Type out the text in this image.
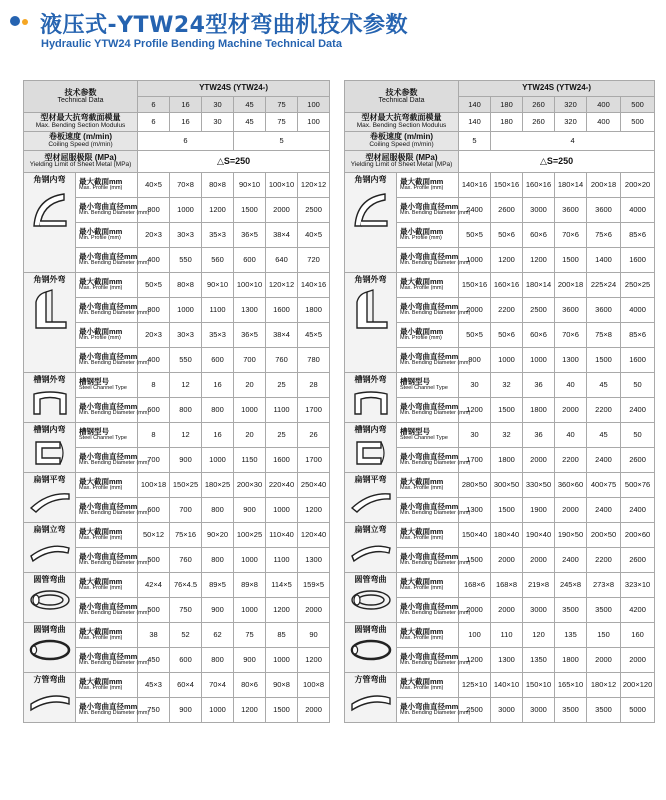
液压式-YTW24型材弯曲机技术参数
Hydraulic YTW24 Profile Bending Machine Technical Data
技术参数
Technical Data		YTW24S (YTW24-)					
		6	16	30	45	75	100

型材最大抗弯截面模量
Max. Bending Section Modulus		6	16	30	45	75	100

卷板速度 (m/min)
Coiling Speed (m/min)		6			5		

型材屈服极限 (MPa)
Yielding Limit of Sheet Metal (MPa)		△S=250					

角钢内弯	最大截面mm
Max. Profile (mm)	40×5	70×8	80×8	90×10	100×10	120×12

	最小弯曲直径mm
Min. Bending Diameter (mm)	800	1000	1200	1500	2000	2500

	最小截面mm
Min. Profile (mm)	20×3	30×3	35×3	36×5	38×4	40×5

	最小弯曲直径mm
Min. Bending Diameter (mm)	400	550	560	600	640	720

角钢外弯	最大截面mm
Max. Profile (mm)	50×5	80×8	90×10	100×10	120×12	140×16

	最小弯曲直径mm
Min. Bending Diameter (mm)	800	1000	1100	1300	1600	1800

	最小截面mm
Min. Profile (mm)	20×3	30×3	35×3	36×5	38×4	45×5

	最小弯曲直径mm
Min. Bending Diameter (mm)	400	550	600	700	760	780

槽钢外弯	槽钢型号
Steel Channel Type	8	12	16	20	25	28

	最小弯曲直径mm
Min. Bending Diameter (mm)	600	800	800	1000	1100	1700

槽钢内弯	槽钢型号
Steel Channel Type	8	12	16	20	25	26

	最小弯曲直径mm
Min. Bending Diameter (mm)	700	900	1000	1150	1600	1700

扁钢平弯	最大截面mm
Max. Profile (mm)	100×18	150×25	180×25	200×30	220×40	250×40

	最小弯曲直径mm
Min. Bending Diameter (mm)	600	700	800	900	1000	1200

扁钢立弯	最大截面mm
Max. Profile (mm)	50×12	75×16	90×20	100×25	110×40	120×40

	最小弯曲直径mm
Min. Bending Diameter (mm)	500	760	800	1000	1100	1300

圆管弯曲	最大截面mm
Max. Profile (mm)	42×4	76×4.5	89×5	89×8	114×5	159×5

	最小弯曲直径mm
Min. Bending Diameter (mm)	500	750	900	1000	1200	2000

圆钢弯曲	最大截面mm
Max. Profile (mm)	38	52	62	75	85	90

	最小弯曲直径mm
Min. Bending Diameter (mm)	450	600	800	900	1000	1200

方管弯曲	最大截面mm
Max. Profile (mm)	45×3	60×4	70×4	80×6	90×8	100×8

	最小弯曲直径mm
Min. Bending Diameter (mm)	750	900	1000	1200	1500	2000
技术参数
Technical Data		YTW24S (YTW24-)					
		140	180	260	320	400	500

型材最大抗弯截面模量
Max. Bending Section Modulus		140	180	260	320	400	500

卷板速度 (m/min)
Coiling Speed (m/min)		5	4				

型材屈服极限 (MPa)
Yielding Limit of Sheet Metal (MPa)		△S=250					

角钢内弯	最大截面mm
Max. Profile (mm)	140×16	150×16	160×16	180×14	200×18	200×20

	最小弯曲直径mm
Min. Bending Diameter (mm)	2400	2600	3000	3600	3600	4000

	最小截面mm
Min. Profile (mm)	50×5	50×6	60×6	70×6	75×6	85×6

	最小弯曲直径mm
Min. Bending Diameter (mm)	1000	1200	1200	1500	1400	1600

角钢外弯	最大截面mm
Max. Profile (mm)	150×16	160×16	180×14	200×18	225×24	250×25

	最小弯曲直径mm
Min. Bending Diameter (mm)	2000	2200	2500	3600	3600	4000

	最小截面mm
Min. Profile (mm)	50×5	50×6	60×6	70×6	75×8	85×6

	最小弯曲直径mm
Min. Bending Diameter (mm)	800	1000	1000	1300	1500	1600

槽钢外弯	槽钢型号
Steel Channel Type	30	32	36	40	45	50

	最小弯曲直径mm
Min. Bending Diameter (mm)	1200	1500	1800	2000	2200	2400

槽钢内弯	槽钢型号
Steel Channel Type	30	32	36	40	45	50

	最小弯曲直径mm
Min. Bending Diameter (mm)	1700	1800	2000	2200	2400	2600

扁钢平弯	最大截面mm
Max. Profile (mm)	280×50	300×50	330×50	360×60	400×75	500×76

	最小弯曲直径mm
Min. Bending Diameter (mm)	1300	1500	1900	2000	2400	2400

扁钢立弯	最大截面mm
Max. Profile (mm)	150×40	180×40	190×40	190×50	200×50	200×60

	最小弯曲直径mm
Min. Bending Diameter (mm)	1500	2000	2000	2400	2200	2600

圆管弯曲	最大截面mm
Max. Profile (mm)	168×6	168×8	219×8	245×8	273×8	323×10

	最小弯曲直径mm
Min. Bending Diameter (mm)	2000	2000	3000	3500	3500	4200

圆钢弯曲	最大截面mm
Max. Profile (mm)	100	110	120	135	150	160

	最小弯曲直径mm
Min. Bending Diameter (mm)	1200	1300	1350	1800	2000	2000

方管弯曲	最大截面mm
Max. Profile (mm)	125×10	140×10	150×10	165×10	180×12	200×120

	最小弯曲直径mm
Min. Bending Diameter (mm)	2500	3000	3000	3500	3500	5000
